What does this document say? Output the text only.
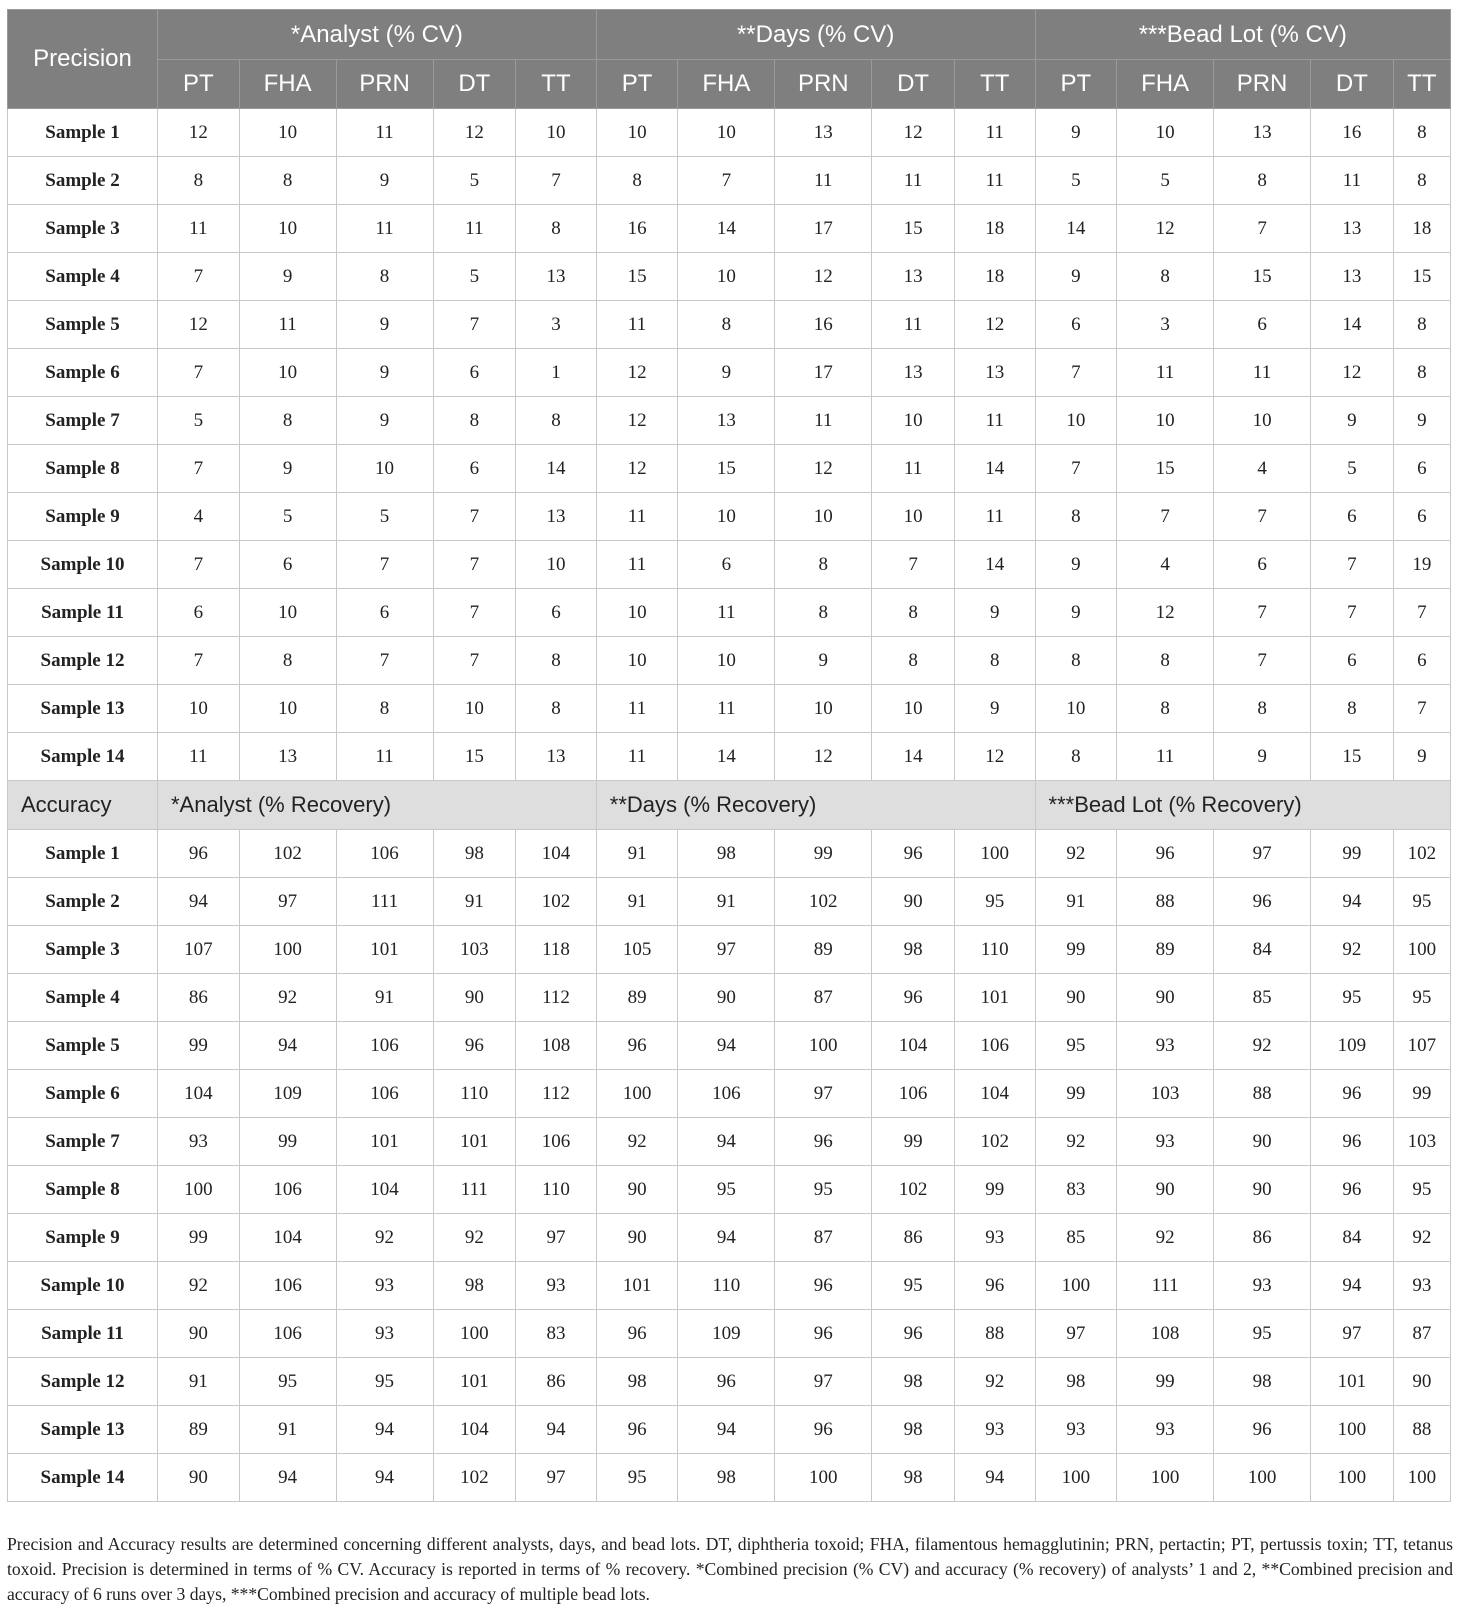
Precision	*Analyst (% CV)					**Days (% CV)					***Bead Lot (% CV)				
	PT	FHA	PRN	DT	TT	PT	FHA	PRN	DT	TT	PT	FHA	PRN	DT	TT
Sample 1	12	10	11	12	10	10	10	13	12	11	9	10	13	16	8
Sample 2	8	8	9	5	7	8	7	11	11	11	5	5	8	11	8
Sample 3	11	10	11	11	8	16	14	17	15	18	14	12	7	13	18
Sample 4	7	9	8	5	13	15	10	12	13	18	9	8	15	13	15
Sample 5	12	11	9	7	3	11	8	16	11	12	6	3	6	14	8
Sample 6	7	10	9	6	1	12	9	17	13	13	7	11	11	12	8
Sample 7	5	8	9	8	8	12	13	11	10	11	10	10	10	9	9
Sample 8	7	9	10	6	14	12	15	12	11	14	7	15	4	5	6
Sample 9	4	5	5	7	13	11	10	10	10	11	8	7	7	6	6
Sample 10	7	6	7	7	10	11	6	8	7	14	9	4	6	7	19
Sample 11	6	10	6	7	6	10	11	8	8	9	9	12	7	7	7
Sample 12	7	8	7	7	8	10	10	9	8	8	8	8	7	6	6
Sample 13	10	10	8	10	8	11	11	10	10	9	10	8	8	8	7
Sample 14	11	13	11	15	13	11	14	12	14	12	8	11	9	15	9
Accuracy	*Analyst (% Recovery)					**Days (% Recovery)					***Bead Lot (% Recovery)				
Sample 1	96	102	106	98	104	91	98	99	96	100	92	96	97	99	102
Sample 2	94	97	111	91	102	91	91	102	90	95	91	88	96	94	95
Sample 3	107	100	101	103	118	105	97	89	98	110	99	89	84	92	100
Sample 4	86	92	91	90	112	89	90	87	96	101	90	90	85	95	95
Sample 5	99	94	106	96	108	96	94	100	104	106	95	93	92	109	107
Sample 6	104	109	106	110	112	100	106	97	106	104	99	103	88	96	99
Sample 7	93	99	101	101	106	92	94	96	99	102	92	93	90	96	103
Sample 8	100	106	104	111	110	90	95	95	102	99	83	90	90	96	95
Sample 9	99	104	92	92	97	90	94	87	86	93	85	92	86	84	92
Sample 10	92	106	93	98	93	101	110	96	95	96	100	111	93	94	93
Sample 11	90	106	93	100	83	96	109	96	96	88	97	108	95	97	87
Sample 12	91	95	95	101	86	98	96	97	98	92	98	99	98	101	90
Sample 13	89	91	94	104	94	96	94	96	98	93	93	93	96	100	88
Sample 14	90	94	94	102	97	95	98	100	98	94	100	100	100	100	100

Precision and Accuracy results are determined concerning different analysts, days, and bead lots. DT, diphtheria toxoid; FHA, filamentous hemagglutinin; PRN, pertactin; PT, pertussis toxin; TT, tetanus toxoid. Precision is determined in terms of % CV. Accuracy is reported in terms of % recovery. *Combined precision (% CV) and accuracy (% recovery) of analysts’ 1 and 2, **Combined precision and accuracy of 6 runs over 3 days, ***Combined precision and accuracy of multiple bead lots.
